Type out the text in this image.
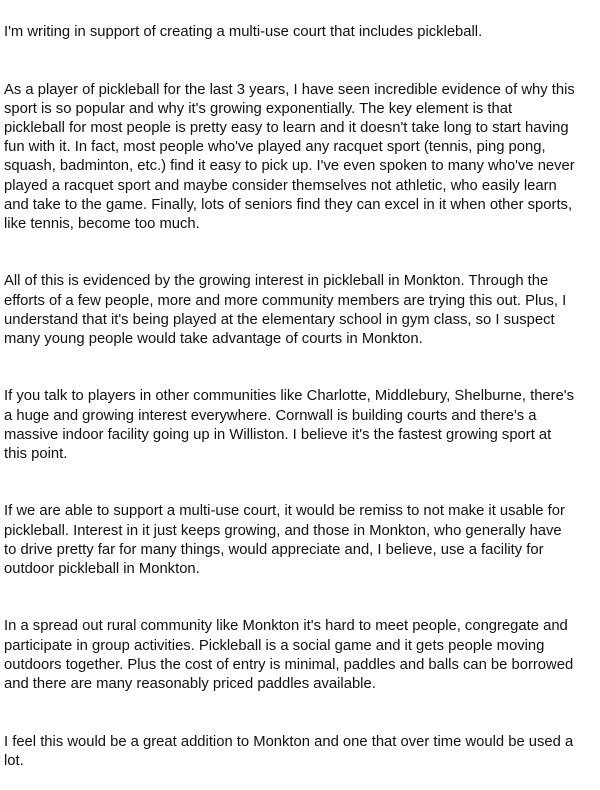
I'm writing in support of creating a multi-use court that includes pickleball.

As a player of pickleball for the last 3 years, I have seen incredible evidence of why this
sport is so popular and why it's growing exponentially. The key element is that
pickleball for most people is pretty easy to learn and it doesn't take long to start having
fun with it. In fact, most people who've played any racquet sport (tennis, ping pong,
squash, badminton, etc.) find it easy to pick up. I've even spoken to many who've never
played a racquet sport and maybe consider themselves not athletic, who easily learn
and take to the game. Finally, lots of seniors find they can excel in it when other sports,
like tennis, become too much.

All of this is evidenced by the growing interest in pickleball in Monkton. Through the
efforts of a few people, more and more community members are trying this out. Plus, I
understand that it's being played at the elementary school in gym class, so I suspect
many young people would take advantage of courts in Monkton.

If you talk to players in other communities like Charlotte, Middlebury, Shelburne, there's
a huge and growing interest everywhere. Cornwall is building courts and there's a
massive indoor facility going up in Williston. I believe it's the fastest growing sport at
this point.

If we are able to support a multi-use court, it would be remiss to not make it usable for
pickleball. Interest in it just keeps growing, and those in Monkton, who generally have
to drive pretty far for many things, would appreciate and, I believe, use a facility for
outdoor pickleball in Monkton.

In a spread out rural community like Monkton it's hard to meet people, congregate and
participate in group activities. Pickleball is a social game and it gets people moving
outdoors together. Plus the cost of entry is minimal, paddles and balls can be borrowed
and there are many reasonably priced paddles available.

I feel this would be a great addition to Monkton and one that over time would be used a
lot.
